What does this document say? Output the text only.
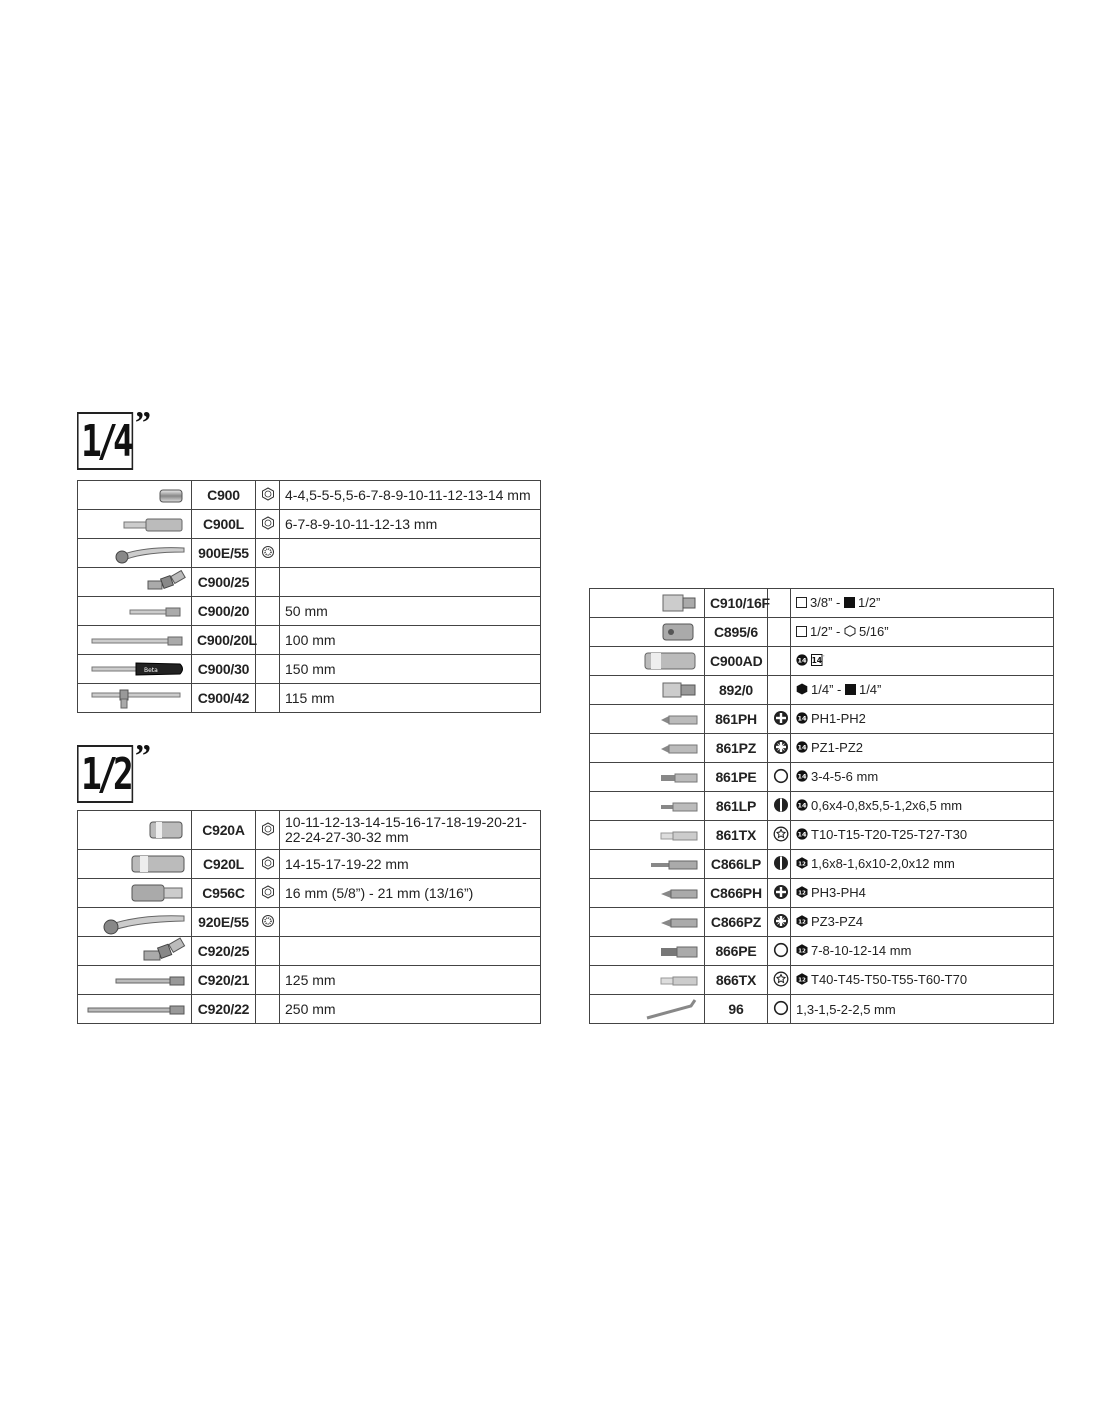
1/4 ”
	C900		4-4,5-5-5,5-6-7-8-9-10-11-12-13-14 mm

	C900L		6-7-8-9-10-11-12-13 mm

	900E/55		

	C900/25		

	C900/20		50 mm

	C900/20L		100 mm

Beta	C900/30		150 mm

	C900/42		115 mm
1/2 ”
	C920A		10-11-12-13-14-15-16-17-18-19-20-21-22-24-27-30-32 mm

	C920L		14-15-17-19-22 mm

	C956C		16 mm (5/8”) - 21 mm (13/16”)

	920E/55		

	C920/25		

	C920/21		125 mm

	C920/22		250 mm
	C910/16F		3/8” - 1/2”

	C895/6		1/2” - 5/16”

	C900AD		14 14 ”

	892/0		1/4” - 1/4”

	861PH		14 PH1-PH2

	861PZ		14 PZ1-PZ2

	861PE		14 3-4-5-6 mm

	861LP		14 0,6x4-0,8x5,5-1,2x6,5 mm

	861TX		14 T10-T15-T20-T25-T27-T30

	C866LP		12 1,6x8-1,6x10-2,0x12 mm

	C866PH		12 PH3-PH4

	C866PZ		12 PZ3-PZ4

	866PE		12 7-8-10-12-14 mm

	866TX		12 T40-T45-T50-T55-T60-T70

	96		1,3-1,5-2-2,5 mm
